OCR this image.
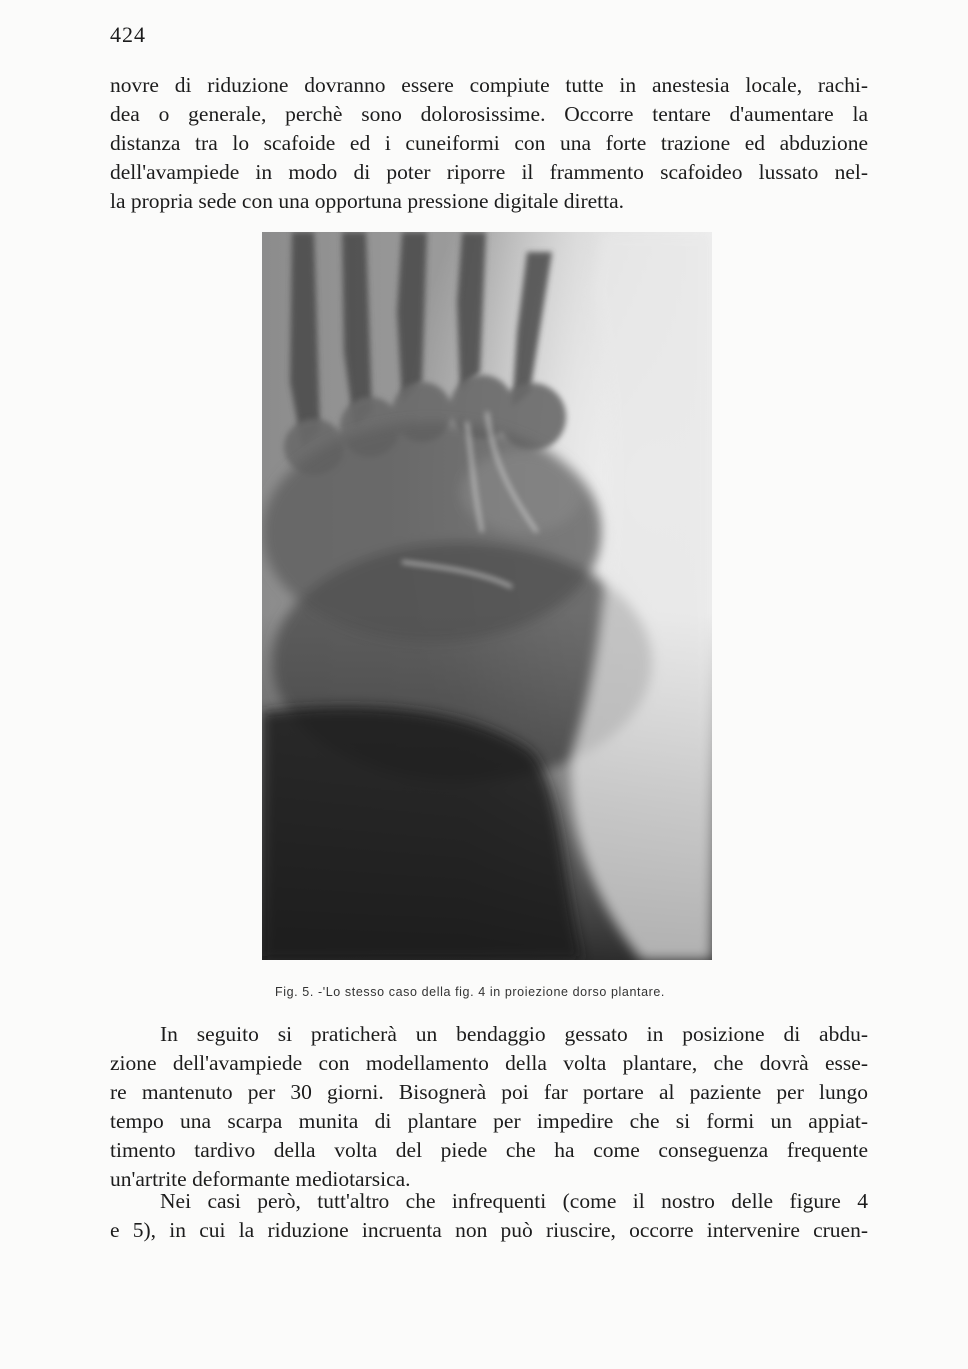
424

novre di riduzione dovranno essere compiute tutte in anestesia locale, rachi-
dea o generale, perchè sono dolorosissime. Occorre tentare d'aumentare la
distanza tra lo scafoide ed i cuneiformi con una forte trazione ed abduzione
dell'avampiede in modo di poter riporre il frammento scafoideo lussato nel-
la propria sede con una opportuna pressione digitale diretta.

Fig. 5. -'Lo stesso caso della fig. 4 in proiezione dorso plantare.

In seguito si praticherà un bendaggio gessato in posizione di abdu-
zione dell'avampiede con modellamento della volta plantare, che dovrà esse-
re mantenuto per 30 giorni. Bisognerà poi far portare al paziente per lungo
tempo una scarpa munita di plantare per impedire che si formi un appiat-
timento tardivo della volta del piede che ha come conseguenza frequente
un'artrite deformante mediotarsica.

Nei casi però, tutt'altro che infrequenti (come il nostro delle figure 4
e 5), in cui la riduzione incruenta non può riuscire, occorre intervenire cruen-
